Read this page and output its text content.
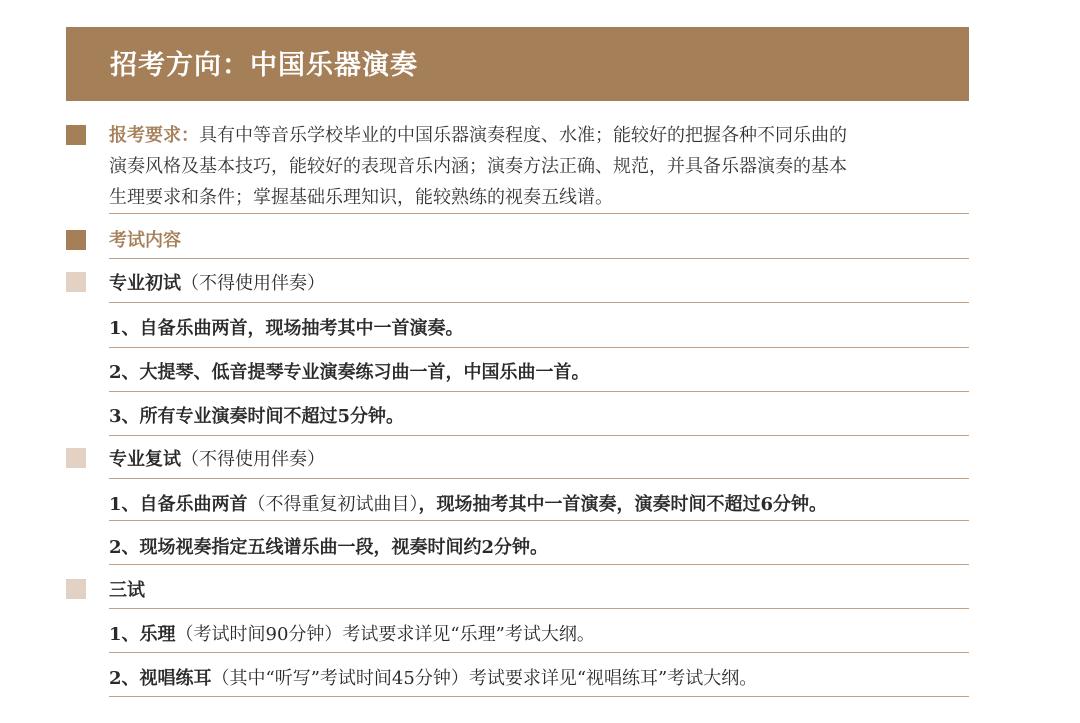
招考方向：中国乐器演奏
报考要求：具有中等音乐学校毕业的中国乐器演奏程度、水准；能较好的把握各种不同乐曲的
演奏风格及基本技巧，能较好的表现音乐内涵；演奏方法正确、规范，并具备乐器演奏的基本
生理要求和条件；掌握基础乐理知识，能较熟练的视奏五线谱。
考试内容
专业初试（不得使用伴奏）
1、自备乐曲两首，现场抽考其中一首演奏。
2、大提琴、低音提琴专业演奏练习曲一首，中国乐曲一首。
3、所有专业演奏时间不超过5分钟。
专业复试（不得使用伴奏）
1、自备乐曲两首（不得重复初试曲目），现场抽考其中一首演奏，演奏时间不超过6分钟。
2、现场视奏指定五线谱乐曲一段，视奏时间约2分钟。
三试
1、乐理（考试时间90分钟）考试要求详见“乐理”考试大纲。
2、视唱练耳（其中“听写”考试时间45分钟）考试要求详见“视唱练耳”考试大纲。
